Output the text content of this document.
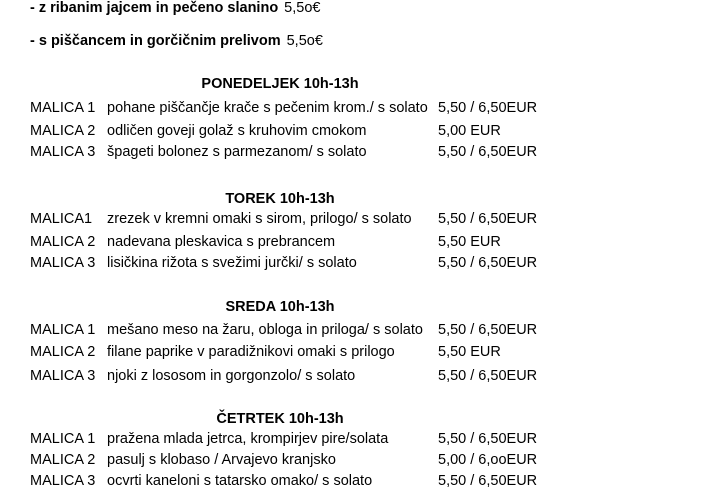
- z ribanim jajcem in pečeno slanino 5,5o€
- s piščancem in gorčičnim prelivom 5,5o€
PONEDELJEK 10h-13h
MALICA 1 pohane piščančje krače s pečenim krom./ s solato 5,50 / 6,50EUR
MALICA 2 odličen goveji golaž s kruhovim cmokom	5,00 EUR
MALICA 3 špageti bolonez s parmezanom/ s solato	5,50 / 6,50EUR
TOREK 10h-13h
MALICA1 zrezek v kremni omaki s sirom, prilogo/ s solato 5,50 / 6,50EUR
MALICA 2 nadevana pleskavica s prebrancem	5,50 EUR
MALICA 3 lisičkina rižota s svežimi jurčki/ s solato	5,50 / 6,50EUR
SREDA 10h-13h
MALICA 1 mešano meso na žaru, obloga in priloga/ s solato 5,50 / 6,50EUR
MALICA 2 filane paprike v paradižnikovi omaki s prilogo	5,50 EUR
MALICA 3 njoki z lososom in gorgonzolo/ s solato	5,50 / 6,50EUR
ČETRTEK 10h-13h
MALICA 1 pražena mlada jetrca, krompirjev pire/solata	5,50 / 6,50EUR
MALICA 2 pasulj s klobaso / Arvajevo kranjsko	5,00 / 6,ooEUR
MALICA 3 ocvrti kaneloni s tatarsko omako/ s solato	5,50 / 6,50EUR
